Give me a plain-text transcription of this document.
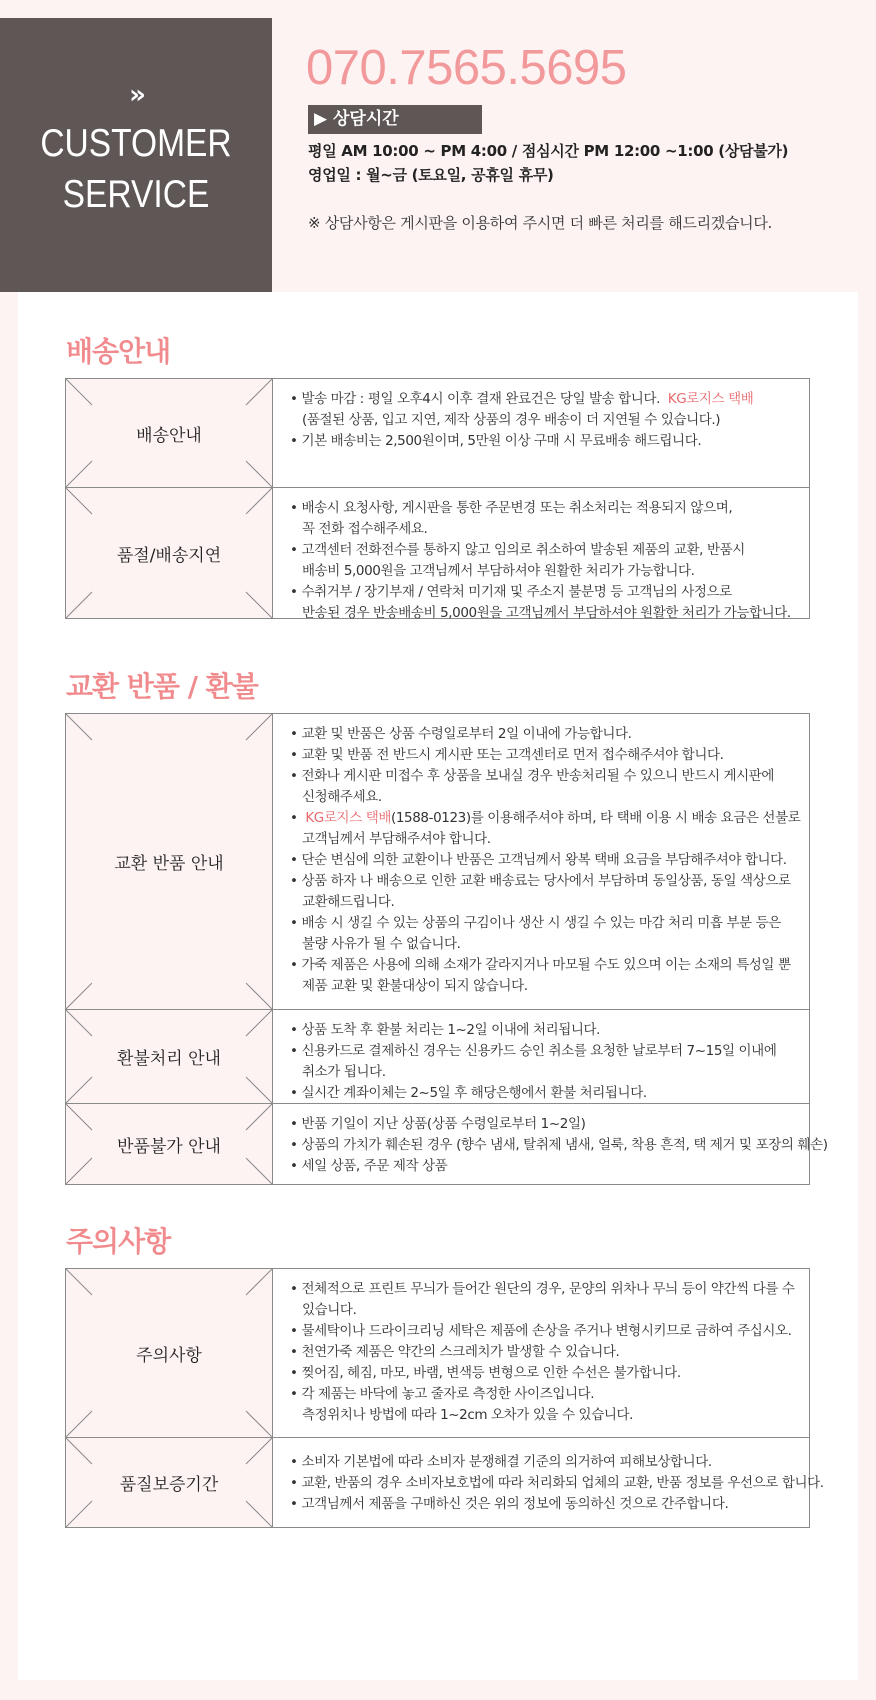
»
CUSTOMER
SERVICE
070.7565.5695
▶ 상담시간
평일 AM 10:00 ~ PM 4:00 / 점심시간 PM 12:00 ~1:00 (상담불가)
영업일 : 월~금 (토요일, 공휴일 휴무)
※ 상담사항은 게시판을 이용하여 주시면 더 빠른 처리를 해드리겠습니다.
배송안내
배송안내
• 발송 마감 : 평일 오후4시 이후 결재 완료건은 당일 발송 합니다. KG로지스 택배
(품절된 상품, 입고 지연, 제작 상품의 경우 배송이 더 지연될 수 있습니다.)
• 기본 배송비는 2,500원이며, 5만원 이상 구매 시 무료배송 해드립니다.
품절/배송지연
• 배송시 요청사항, 게시판을 통한 주문변경 또는 취소처리는 적용되지 않으며,
꼭 전화 접수해주세요.
• 고객센터 전화전수를 통하지 않고 임의로 취소하여 발송된 제품의 교환, 반품시
배송비 5,000원을 고객님께서 부담하셔야 원활한 처리가 가능합니다.
• 수취거부 / 장기부재 / 연락처 미기재 및 주소지 불분명 등 고객님의 사정으로
반송된 경우 반송배송비 5,000원을 고객님께서 부담하셔야 원활한 처리가 가능합니다.
교환 반품 / 환불
교환 반품 안내
• 교환 및 반품은 상품 수령일로부터 2일 이내에 가능합니다.
• 교환 및 반품 전 반드시 게시판 또는 고객센터로 먼저 접수해주셔야 합니다.
• 전화나 게시판 미접수 후 상품을 보내실 경우 반송처리될 수 있으니 반드시 게시판에
신청해주세요.
•  KG로지스 택배(1588-0123)를 이용해주셔야 하며, 타 택배 이용 시 배송 요금은 선불로
고객님께서 부담해주셔야 합니다.
• 단순 변심에 의한 교환이나 반품은 고객님께서 왕복 택배 요금을 부담해주셔야 합니다.
• 상품 하자 나 배송으로 인한 교환 배송료는 당사에서 부담하며 동일상품, 동일 색상으로
교환해드립니다.
• 배송 시 생길 수 있는 상품의 구김이나 생산 시 생길 수 있는 마감 처리 미흡 부분 등은
불량 사유가 될 수 없습니다.
• 가죽 제품은 사용에 의해 소재가 갈라지거나 마모될 수도 있으며 이는 소재의 특성일 뿐
제품 교환 및 환불대상이 되지 않습니다.
환불처리 안내
• 상품 도착 후 환불 처리는 1~2일 이내에 처리됩니다.
• 신용카드로 결제하신 경우는 신용카드 승인 취소를 요청한 날로부터 7~15일 이내에
취소가 됩니다.
• 실시간 계좌이체는 2~5일 후 해당은행에서 환불 처리됩니다.
반품불가 안내
• 반품 기일이 지난 상품(상품 수령일로부터 1~2일)
• 상품의 가치가 훼손된 경우 (향수 냄새, 탈취제 냄새, 얼룩, 착용 흔적, 택 제거 및 포장의 훼손)
• 세일 상품, 주문 제작 상품
주의사항
주의사항
• 전체적으로 프린트 무늬가 들어간 원단의 경우, 문양의 위차나 무늬 등이 약간씩 다를 수
있습니다.
• 물세탁이나 드라이크리닝 세탁은 제품에 손상을 주거나 변형시키므로 금하여 주십시오.
• 천연가죽 제품은 약간의 스크레치가 발생할 수 있습니다.
• 찢어짐, 헤짐, 마모, 바램, 변색등 변형으로 인한 수선은 불가합니다.
• 각 제품는 바닥에 놓고 줄자로 측정한 사이즈입니다.
측정위치나 방법에 따라 1~2cm 오차가 있을 수 있습니다.
품질보증기간
• 소비자 기본법에 따라 소비자 분쟁해결 기준의 의거하여 피해보상합니다.
• 교환, 반품의 경우 소비자보호법에 따라 처리화되 업체의 교환, 반품 정보를 우선으로 합니다.
• 고객님께서 제품을 구매하신 것은 위의 정보에 동의하신 것으로 간주합니다.
